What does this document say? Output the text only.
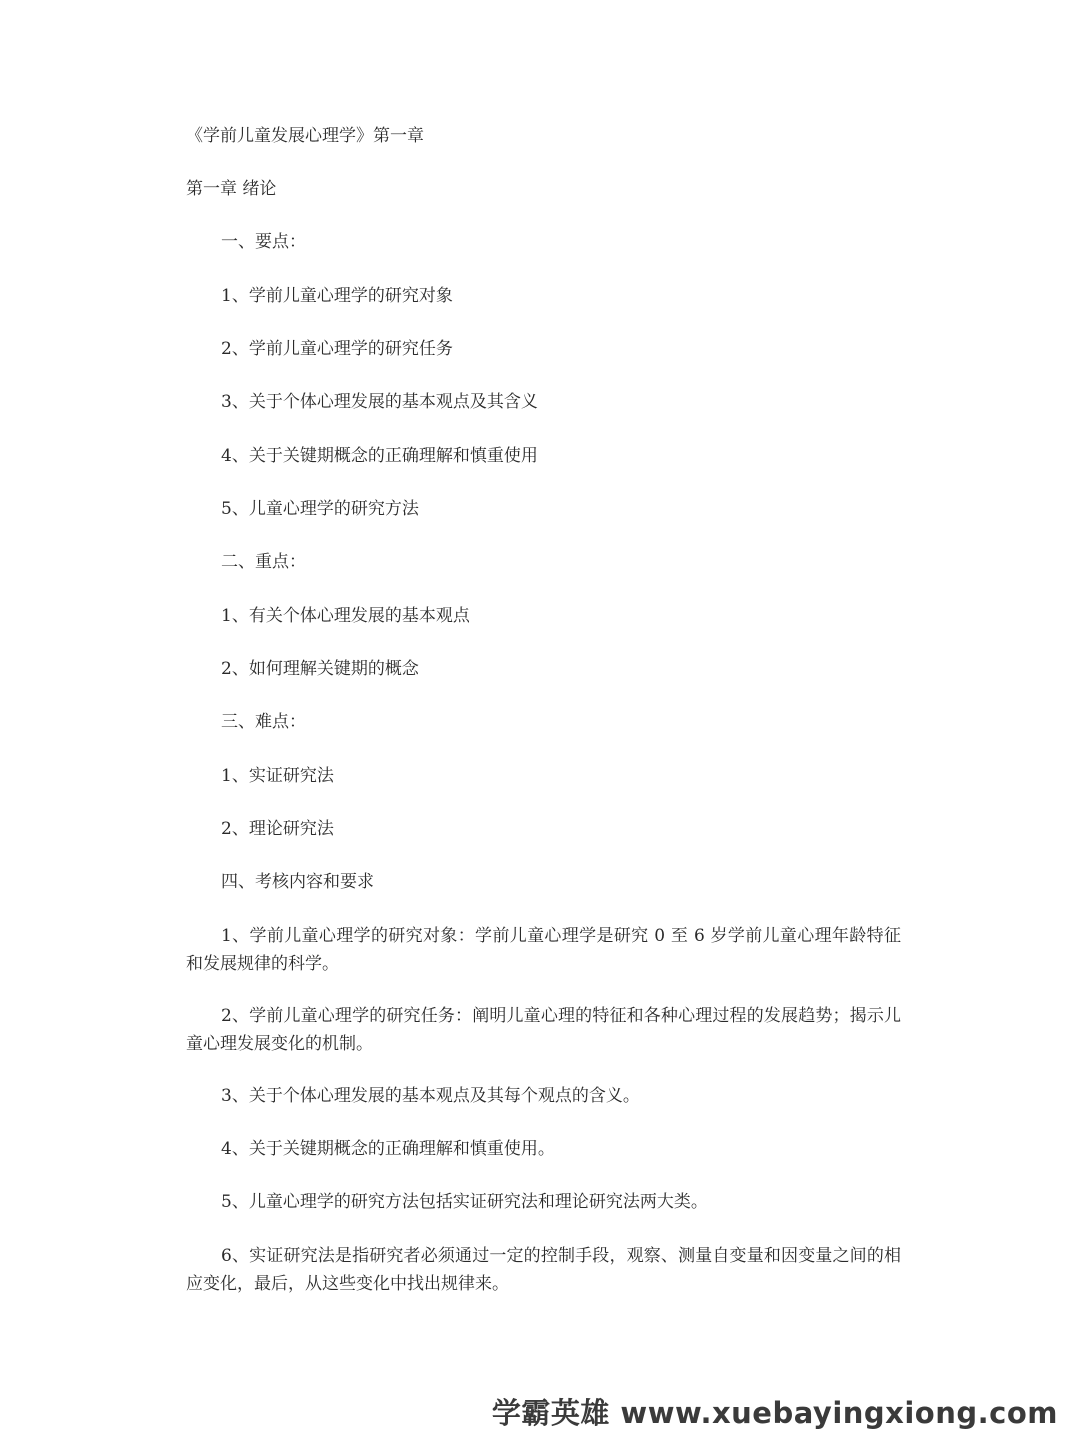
《学前儿童发展心理学》第一章
第一章 绪论
一、要点：
1、学前儿童心理学的研究对象
2、学前儿童心理学的研究任务
3、关于个体心理发展的基本观点及其含义
4、关于关键期概念的正确理解和慎重使用
5、儿童心理学的研究方法
二、重点：
1、有关个体心理发展的基本观点
2、如何理解关键期的概念
三、难点：
1、实证研究法
2、理论研究法
四、考核内容和要求
1、学前儿童心理学的研究对象：学前儿童心理学是研究 0 至 6 岁学前儿童心理年龄特征和发展规律的科学。
2、学前儿童心理学的研究任务：阐明儿童心理的特征和各种心理过程的发展趋势；揭示儿童心理发展变化的机制。
3、关于个体心理发展的基本观点及其每个观点的含义。
4、关于关键期概念的正确理解和慎重使用。
5、儿童心理学的研究方法包括实证研究法和理论研究法两大类。
6、实证研究法是指研究者必须通过一定的控制手段，观察、测量自变量和因变量之间的相应变化，最后，从这些变化中找出规律来。
学霸英雄 www.xuebayingxiong.com
